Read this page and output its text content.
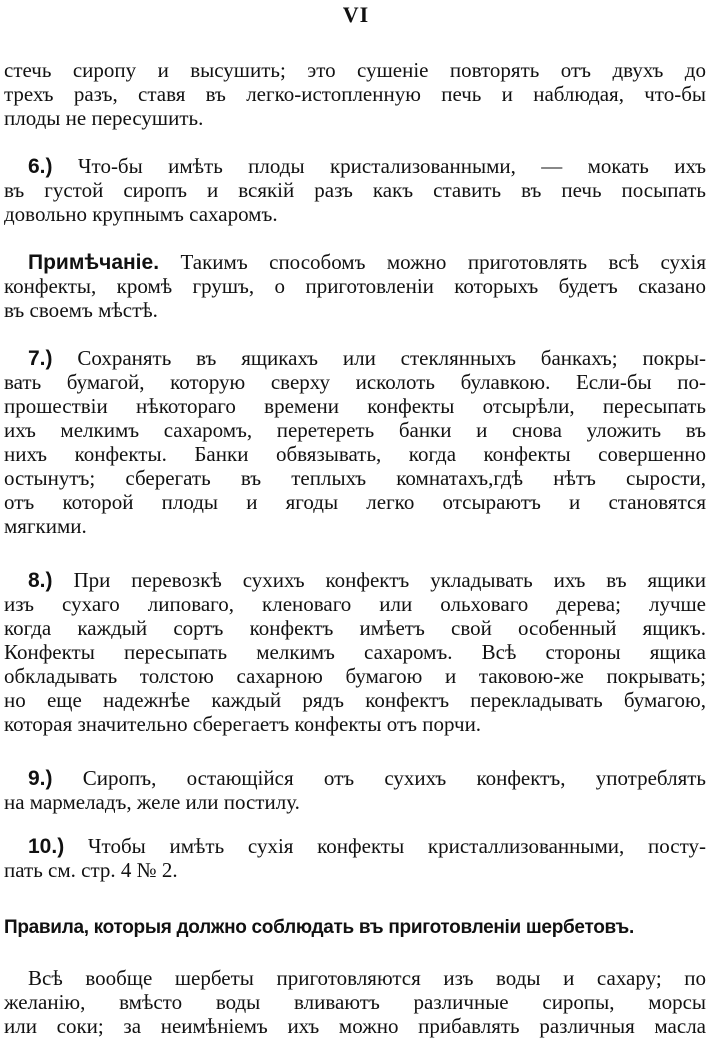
VI
стечь сиропу и высушить; это сушеніе повторять отъ двухъ до
трехъ разъ, ставя въ легко-истопленную печь и наблюдая, что-бы
плоды не пересушить.
6.) Что-бы имѣть плоды кристализованными, — мокать ихъ
въ густой сиропъ и всякій разъ какъ ставить въ печь посыпать
довольно крупнымъ сахаромъ.
Примѣчаніе. Такимъ способомъ можно приготовлять всѣ сухія
конфекты, кромѣ грушъ, о приготовленіи которыхъ будетъ сказано
въ своемъ мѣстѣ.
7.) Сохранять въ ящикахъ или стеклянныхъ банкахъ; покры-
вать бумагой, которую сверху исколоть булавкою. Если-бы по-
прошествіи нѣкотораго времени конфекты отсырѣли, пересыпать
ихъ мелкимъ сахаромъ, перетереть банки и снова уложить въ
нихъ конфекты. Банки обвязывать, когда конфекты совершенно
остынутъ; сберегать въ теплыхъ комнатахъ,гдѣ нѣтъ сырости,
отъ которой плоды и ягоды легко отсыраютъ и становятся
мягкими.
8.) При перевозкѣ сухихъ конфектъ укладывать ихъ въ ящики
изъ сухаго липоваго, кленоваго или ольховаго дерева; лучше
когда каждый сортъ конфектъ имѣетъ свой особенный ящикъ.
Конфекты пересыпать мелкимъ сахаромъ. Всѣ стороны ящика
обкладывать толстою сахарною бумагою и таковою-же покрывать;
но еще надежнѣе каждый рядъ конфектъ перекладывать бумагою,
которая значительно сберегаетъ конфекты отъ порчи.
9.) Сиропъ, остающійся отъ сухихъ конфектъ, употреблять
на мармеладъ, желе или постилу.
10.) Чтобы имѣть сухія конфекты кристаллизованными, посту-
пать см. стр. 4 № 2.
Правила, которыя должно соблюдать въ приготовленіи шербетовъ.
Всѣ вообще шербеты приготовляются изъ воды и сахару; по
желанію, вмѣсто воды вливаютъ различные сиропы, морсы
или соки; за неимѣніемъ ихъ можно прибавлять различныя масла
